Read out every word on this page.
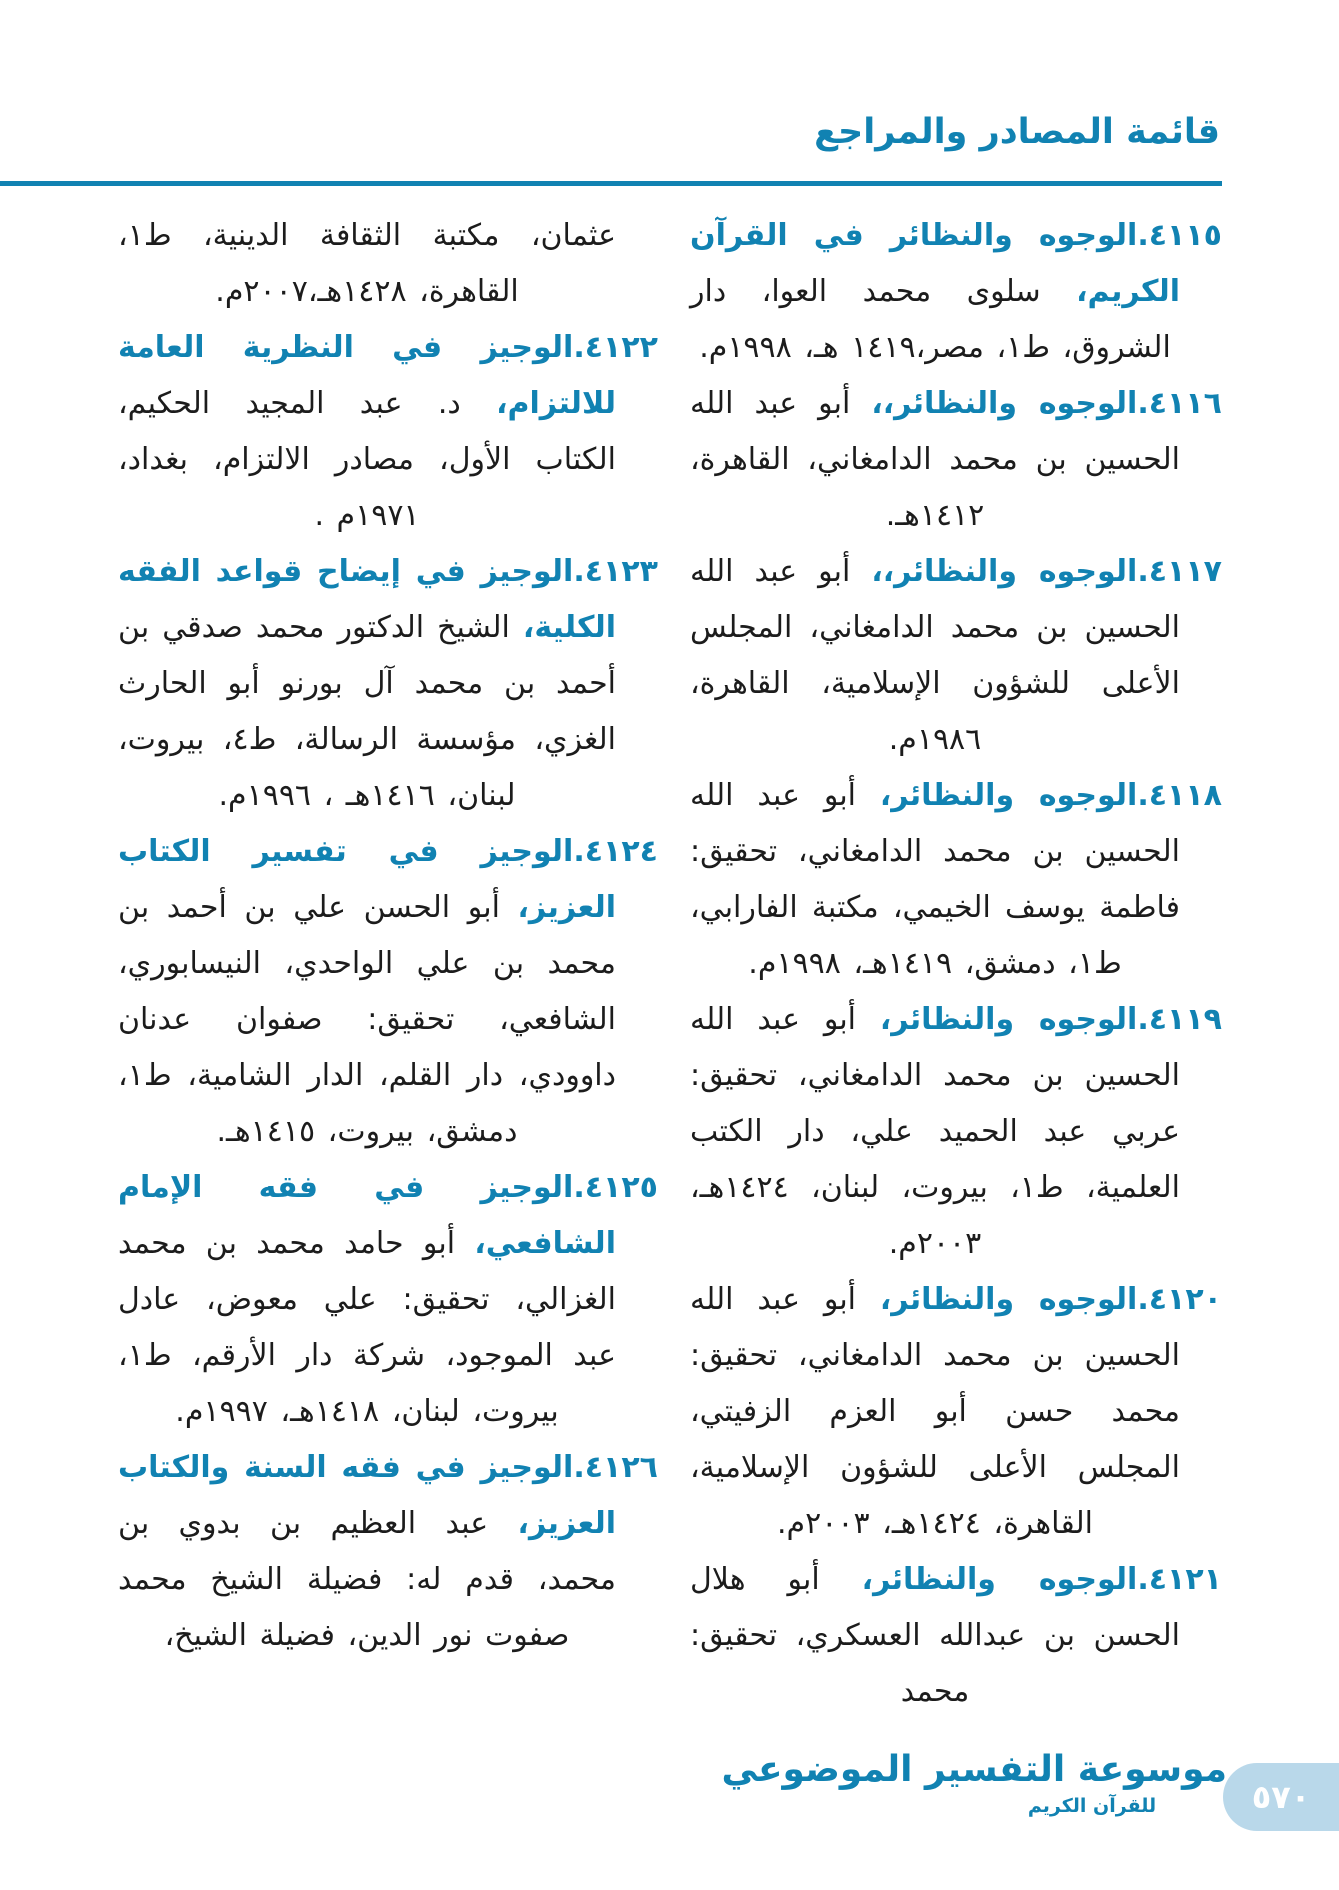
قائمة المصادر والمراجع

٤١١٥.الوجوه والنظائر في القرآن الكريم، سلوى محمد العوا، دار الشروق، ط١، مصر،١٤١٩ هـ، ١٩٩٨م.

٤١١٦.الوجوه والنظائر،، أبو عبد الله الحسين بن محمد الدامغاني، القاهرة، ١٤١٢هـ.

٤١١٧.الوجوه والنظائر،، أبو عبد الله الحسين بن محمد الدامغاني، المجلس الأعلى للشؤون الإسلامية، القاهرة، ١٩٨٦م.

٤١١٨.الوجوه والنظائر، أبو عبد الله الحسين بن محمد الدامغاني، تحقيق: فاطمة يوسف الخيمي، مكتبة الفارابي، ط١، دمشق، ١٤١٩هـ، ١٩٩٨م.

٤١١٩.الوجوه والنظائر، أبو عبد الله الحسين بن محمد الدامغاني، تحقيق: عربي عبد الحميد علي، دار الكتب العلمية، ط١، بيروت، لبنان، ١٤٢٤هـ، ٢٠٠٣م.

٤١٢٠.الوجوه والنظائر، أبو عبد الله الحسين بن محمد الدامغاني، تحقيق: محمد حسن أبو العزم الزفيتي، المجلس الأعلى للشؤون الإسلامية، القاهرة، ١٤٢٤هـ، ٢٠٠٣م.

٤١٢١.الوجوه والنظائر، أبو هلال الحسن بن عبدالله العسكري، تحقيق: محمد

عثمان، مكتبة الثقافة الدينية، ط١، القاهرة، ١٤٢٨هـ،٢٠٠٧م.

٤١٢٢.الوجيز في النظرية العامة للالتزام، د. عبد المجيد الحكيم، الكتاب الأول، مصادر الالتزام، بغداد، ١٩٧١م .

٤١٢٣.الوجيز في إيضاح قواعد الفقه الكلية، الشيخ الدكتور محمد صدقي بن أحمد بن محمد آل بورنو أبو الحارث الغزي، مؤسسة الرسالة، ط٤، بيروت، لبنان، ١٤١٦هـ ، ١٩٩٦م.

٤١٢٤.الوجيز في تفسير الكتاب العزيز، أبو الحسن علي بن أحمد بن محمد بن علي الواحدي، النيسابوري، الشافعي، تحقيق: صفوان عدنان داوودي، دار القلم، الدار الشامية، ط١، دمشق، بيروت، ١٤١٥هـ.

٤١٢٥.الوجيز في فقه الإمام الشافعي، أبو حامد محمد بن محمد الغزالي، تحقيق: علي معوض، عادل عبد الموجود، شركة دار الأرقم، ط١، بيروت، لبنان، ١٤١٨هـ، ١٩٩٧م.

٤١٢٦.الوجيز في فقه السنة والكتاب العزيز، عبد العظيم بن بدوي بن محمد، قدم له: فضيلة الشيخ محمد صفوت نور الدين، فضيلة الشيخ،

موسوعة التفسير الموضوعي
للقرآن الكريم	٥٧٠
